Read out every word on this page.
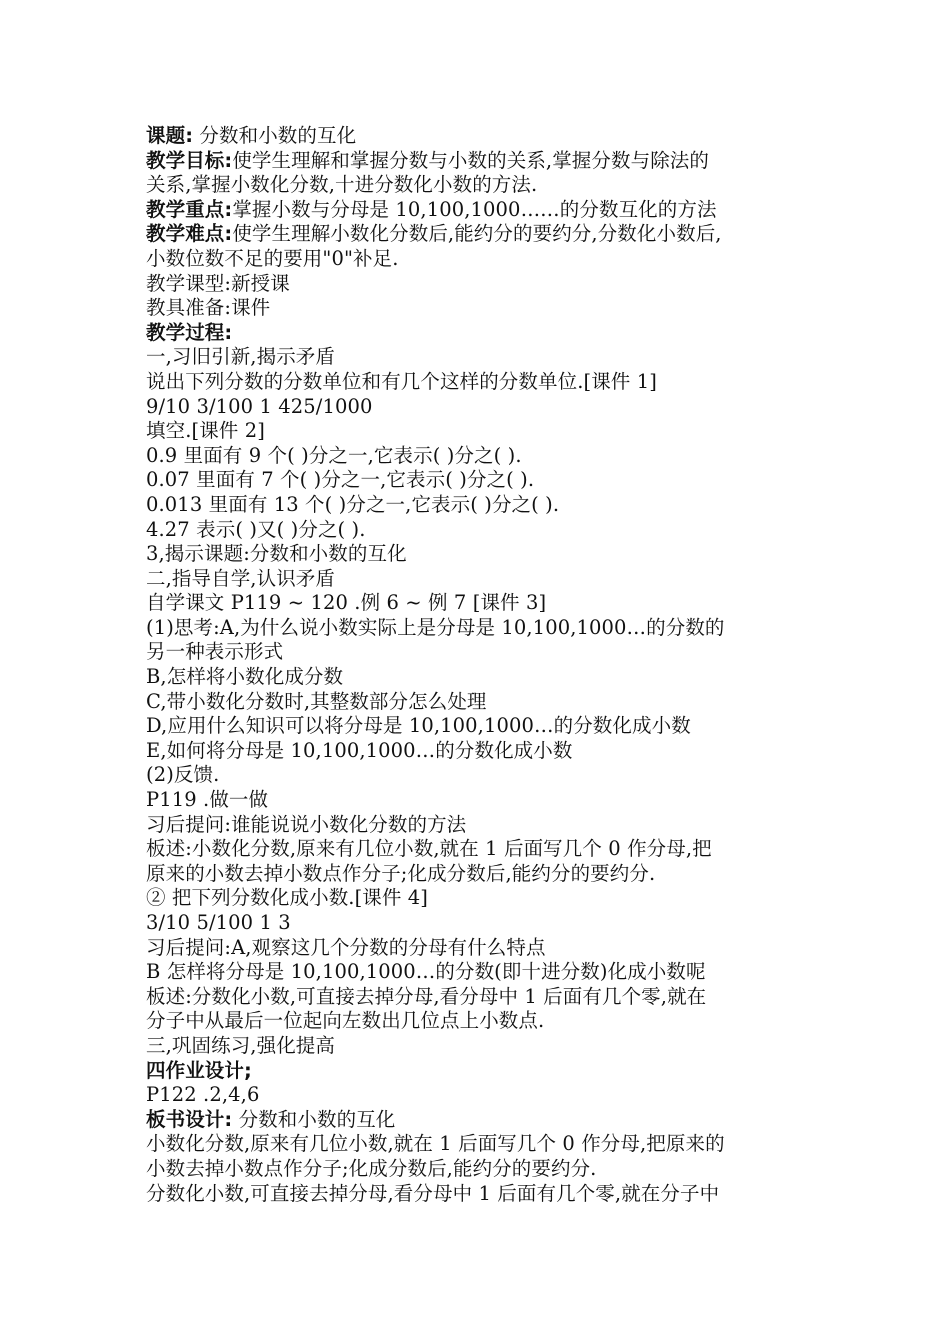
课题: 分数和小数的互化

教学目标:使学生理解和掌握分数与小数的关系,掌握分数与除法的

关系,掌握小数化分数,十进分数化小数的方法.

教学重点:掌握小数与分母是 10,100,1000……的分数互化的方法

教学难点:使学生理解小数化分数后,能约分的要约分,分数化小数后,

小数位数不足的要用"0"补足.

教学课型:新授课

教具准备:课件

教学过程:

一,习旧引新,揭示矛盾

说出下列分数的分数单位和有几个这样的分数单位.[课件 1]

9/10 3/100 1 425/1000

填空.[课件 2]

0.9 里面有 9 个( )分之一,它表示( )分之( ).

0.07 里面有 7 个( )分之一,它表示( )分之( ).

0.013 里面有 13 个( )分之一,它表示( )分之( ).

4.27 表示( )又( )分之( ).

3,揭示课题:分数和小数的互化

二,指导自学,认识矛盾

自学课文 P119 ~ 120 .例 6 ~ 例 7 [课件 3]

(1)思考:A,为什么说小数实际上是分母是 10,100,1000…的分数的

另一种表示形式

B,怎样将小数化成分数

C,带小数化分数时,其整数部分怎么处理

D,应用什么知识可以将分母是 10,100,1000…的分数化成小数

E,如何将分母是 10,100,1000…的分数化成小数

(2)反馈.

P119 .做一做

习后提问:谁能说说小数化分数的方法

板述:小数化分数,原来有几位小数,就在 1 后面写几个 0 作分母,把

原来的小数去掉小数点作分子;化成分数后,能约分的要约分.

② 把下列分数化成小数.[课件 4]

3/10 5/100 1 3

习后提问:A,观察这几个分数的分母有什么特点

B 怎样将分母是 10,100,1000…的分数(即十进分数)化成小数呢

板述:分数化小数,可直接去掉分母,看分母中 1 后面有几个零,就在

分子中从最后一位起向左数出几位点上小数点.

三,巩固练习,强化提高

四作业设计;

P122 .2,4,6

板书设计: 分数和小数的互化

小数化分数,原来有几位小数,就在 1 后面写几个 0 作分母,把原来的

小数去掉小数点作分子;化成分数后,能约分的要约分.

分数化小数,可直接去掉分母,看分母中 1 后面有几个零,就在分子中
